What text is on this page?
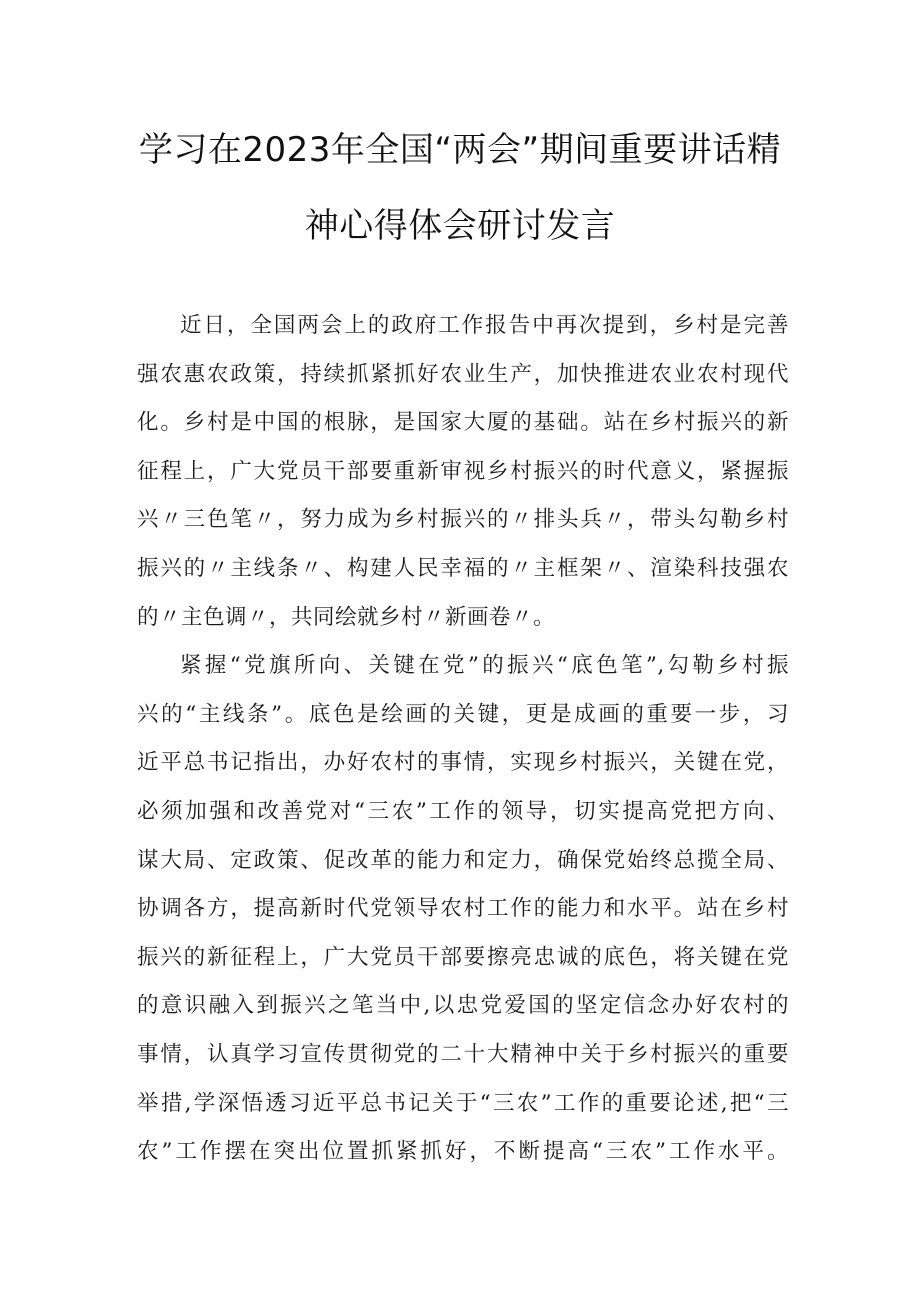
学习在2023年全国“两会”期间重要讲话精
神心得体会研讨发言
近日，全国两会上的政府工作报告中再次提到，乡村是完善
强农惠农政策，持续抓紧抓好农业生产，加快推进农业农村现代
化。乡村是中国的根脉，是国家大厦的基础。站在乡村振兴的新
征程上，广大党员干部要重新审视乡村振兴的时代意义，紧握振
兴〃三色笔〃，努力成为乡村振兴的〃排头兵〃，带头勾勒乡村
振兴的〃主线条〃、构建人民幸福的〃主框架〃、渲染科技强农
的〃主色调〃，共同绘就乡村〃新画卷〃。
紧握“党旗所向、关键在党”的振兴“底色笔”,勾勒乡村振
兴的“主线条”。底色是绘画的关键，更是成画的重要一步，习
近平总书记指出，办好农村的事情，实现乡村振兴，关键在党，
必须加强和改善党对“三农”工作的领导，切实提高党把方向、
谋大局、定政策、促改革的能力和定力，确保党始终总揽全局、
协调各方，提高新时代党领导农村工作的能力和水平。站在乡村
振兴的新征程上，广大党员干部要擦亮忠诚的底色，将关键在党
的意识融入到振兴之笔当中,以忠党爱国的坚定信念办好农村的
事情，认真学习宣传贯彻党的二十大精神中关于乡村振兴的重要
举措,学深悟透习近平总书记关于“三农”工作的重要论述,把“三
农”工作摆在突出位置抓紧抓好，不断提高“三农”工作水平。
